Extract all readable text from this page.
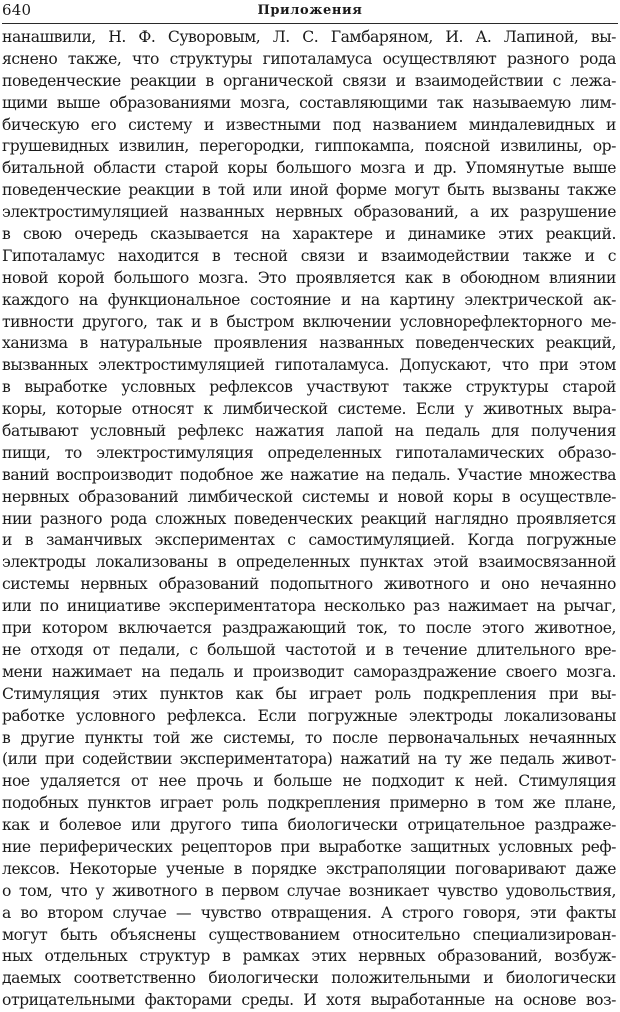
640	Приложения
нанашвили, Н. Ф. Суворовым, Л. С. Гамбаряном, И. А. Лапиной, вы-
яснено также, что структуры гипоталамуса осуществляют разного рода
поведенческие реакции в органической связи и взаимодействии с лежа-
щими выше образованиями мозга, составляющими так называемую лим-
бическую его систему и известными под названием миндалевидных и
грушевидных извилин, перегородки, гиппокампа, поясной извилины, ор-
битальной области старой коры большого мозга и др. Упомянутые выше
поведенческие реакции в той или иной форме могут быть вызваны также
электростимуляцией названных нервных образований, а их разрушение
в свою очередь сказывается на характере и динамике этих реакций.
Гипоталамус находится в тесной связи и взаимодействии также и с
новой корой большого мозга. Это проявляется как в обоюдном влиянии
каждого на функциональное состояние и на картину электрической ак-
тивности другого, так и в быстром включении условнорефлекторного ме-
ханизма в натуральные проявления названных поведенческих реакций,
вызванных электростимуляцией гипоталамуса. Допускают, что при этом
в выработке условных рефлексов участвуют также структуры старой
коры, которые относят к лимбической системе. Если у животных выра-
батывают условный рефлекс нажатия лапой на педаль для получения
пищи, то электростимуляция определенных гипоталамических образо-
ваний воспроизводит подобное же нажатие на педаль. Участие множества
нервных образований лимбической системы и новой коры в осуществле-
нии разного рода сложных поведенческих реакций наглядно проявляется
и в заманчивых экспериментах с самостимуляцией. Когда погружные
электроды локализованы в определенных пунктах этой взаимосвязанной
системы нервных образований подопытного животного и оно нечаянно
или по инициативе экспериментатора несколько раз нажимает на рычаг,
при котором включается раздражающий ток, то после этого животное,
не отходя от педали, с большой частотой и в течение длительного вре-
мени нажимает на педаль и производит самораздражение своего мозга.
Стимуляция этих пунктов как бы играет роль подкрепления при вы-
работке условного рефлекса. Если погружные электроды локализованы
в другие пункты той же системы, то после первоначальных нечаянных
(или при содействии экспериментатора) нажатий на ту же педаль живот-
ное удаляется от нее прочь и больше не подходит к ней. Стимуляция
подобных пунктов играет роль подкрепления примерно в том же плане,
как и болевое или другого типа биологически отрицательное раздраже-
ние периферических рецепторов при выработке защитных условных реф-
лексов. Некоторые ученые в порядке экстраполяции поговаривают даже
о том, что у животного в первом случае возникает чувство удовольствия,
а во втором случае — чувство отвращения. А строго говоря, эти факты
могут быть объяснены существованием относительно специализирован-
ных отдельных структур в рамках этих нервных образований, возбуж-
даемых соответственно биологически положительными и биологически
отрицательными факторами среды. И хотя выработанные на основе воз-
